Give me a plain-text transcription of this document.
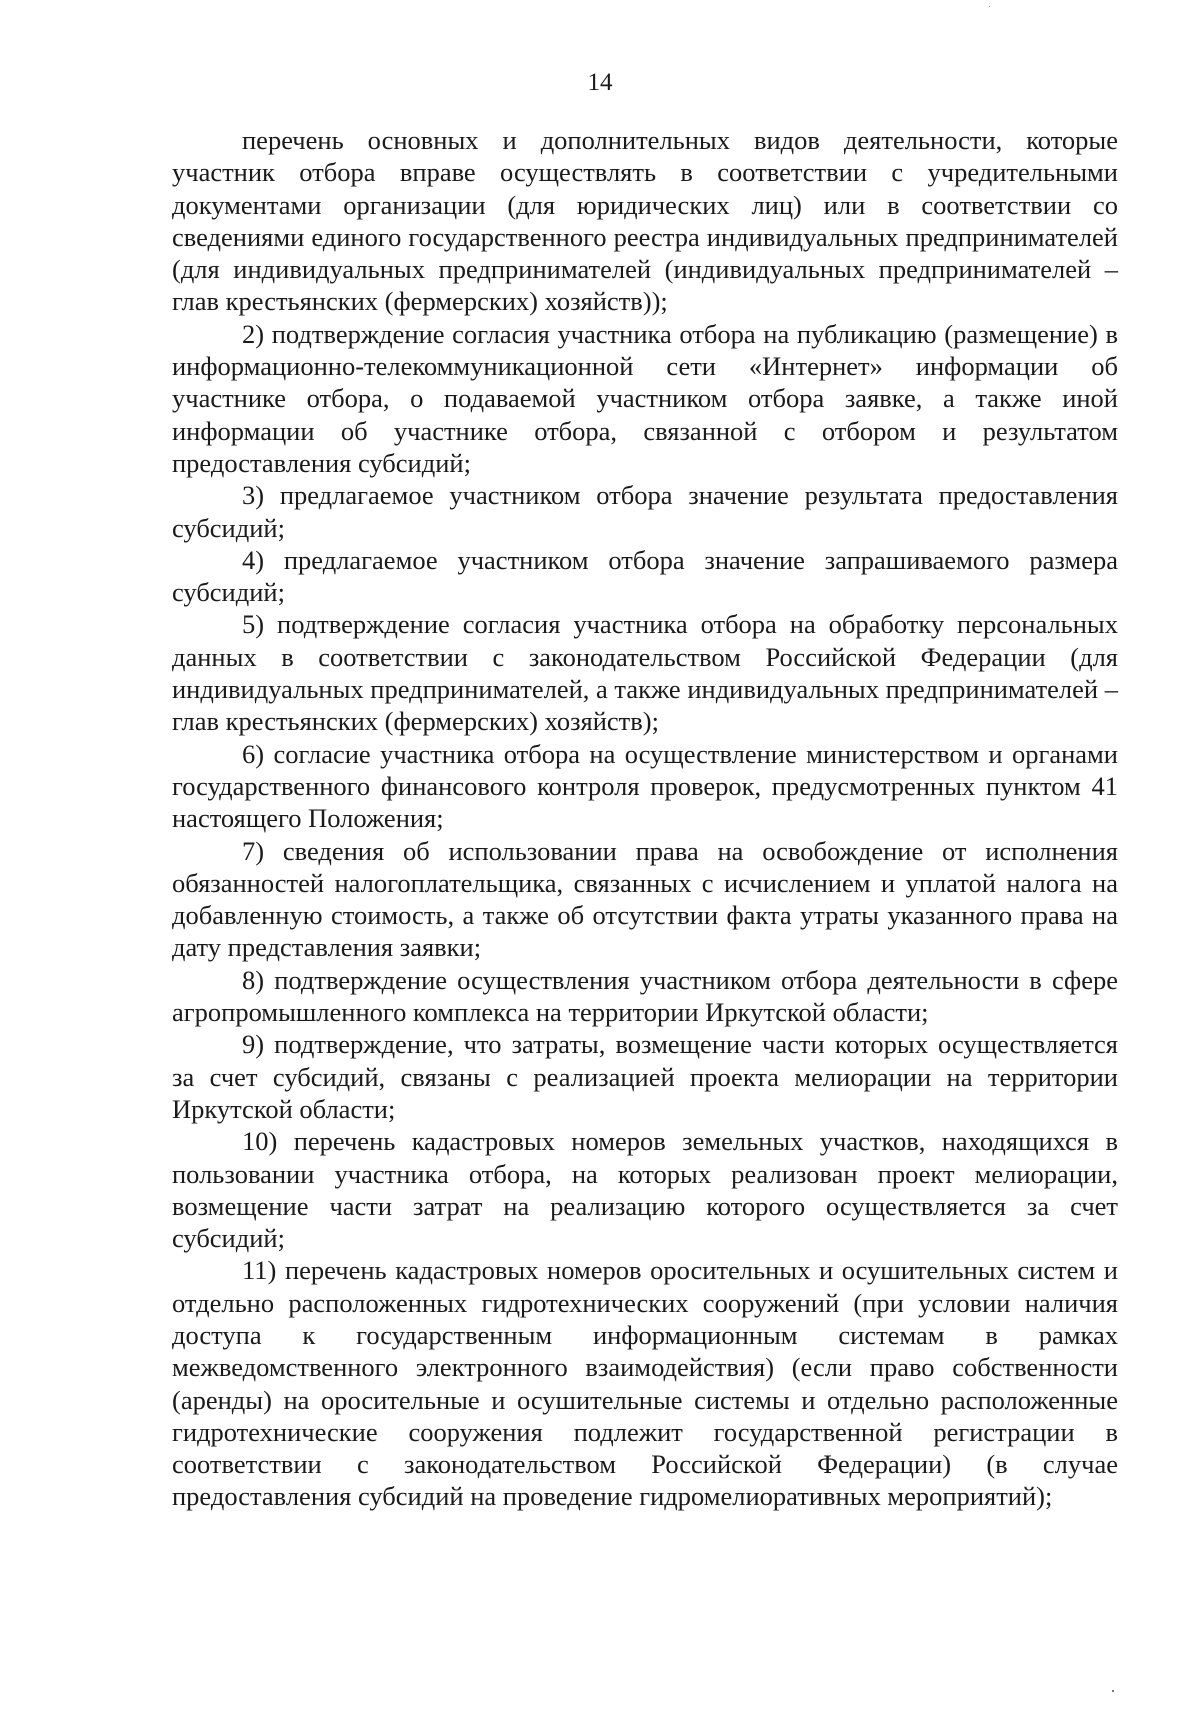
14

перечень основных и дополнительных видов деятельности, которые участник отбора вправе осуществлять в соответствии с учредительными документами организации (для юридических лиц) или в соответствии со сведениями единого государственного реестра индивидуальных предпринимателей (для индивидуальных предпринимателей (индивидуальных предпринимателей – глав крестьянских (фермерских) хозяйств));

2) подтверждение согласия участника отбора на публикацию (размещение) в информационно-телекоммуникационной сети «Интернет» информации об участнике отбора, о подаваемой участником отбора заявке, а также иной информации об участнике отбора, связанной с отбором и результатом предоставления субсидий;

3) предлагаемое участником отбора значение результата предоставления субсидий;

4) предлагаемое участником отбора значение запрашиваемого размера субсидий;

5) подтверждение согласия участника отбора на обработку персональных данных в соответствии с законодательством Российской Федерации (для индивидуальных предпринимателей, а также индивидуальных предпринимателей – глав крестьянских (фермерских) хозяйств);

6) согласие участника отбора на осуществление министерством и органами государственного финансового контроля проверок, предусмотренных пунктом 41 настоящего Положения;

7) сведения об использовании права на освобождение от исполнения обязанностей налогоплательщика, связанных с исчислением и уплатой налога на добавленную стоимость, а также об отсутствии факта утраты указанного права на дату представления заявки;

8) подтверждение осуществления участником отбора деятельности в сфере агропромышленного комплекса на территории Иркутской области;

9) подтверждение, что затраты, возмещение части которых осуществляется за счет субсидий, связаны с реализацией проекта мелиорации на территории Иркутской области;

10) перечень кадастровых номеров земельных участков, находящихся в пользовании участника отбора, на которых реализован проект мелиорации, возмещение части затрат на реализацию которого осуществляется за счет субсидий;

11) перечень кадастровых номеров оросительных и осушительных систем и отдельно расположенных гидротехнических сооружений (при условии наличия доступа к государственным информационным системам в рамках межведомственного электронного взаимодействия) (если право собственности (аренды) на оросительные и осушительные системы и отдельно расположенные гидротехнические сооружения подлежит государственной регистрации в соответствии с законодательством Российской Федерации) (в случае предоставления субсидий на проведение гидромелиоративных мероприятий);
